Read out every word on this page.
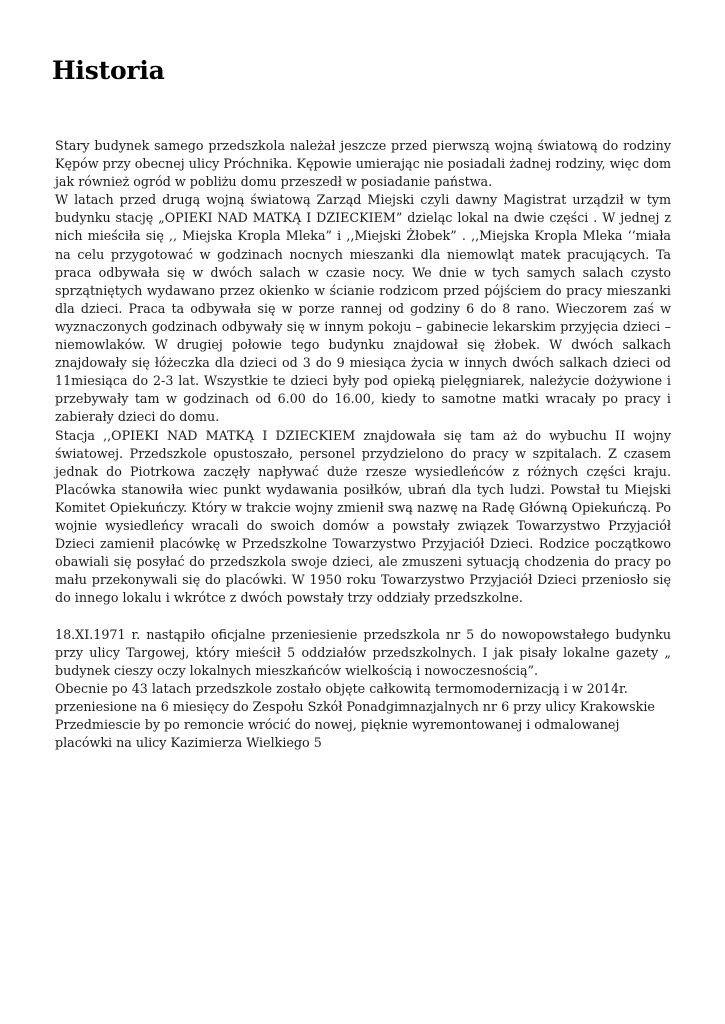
Historia

Stary budynek samego przedszkola należał jeszcze przed pierwszą wojną światową do rodziny Kępów przy obecnej ulicy Próchnika. Kępowie umierając nie posiadali żadnej rodziny, więc dom jak również ogród w pobliżu domu przeszedł w posiadanie państwa.

W latach przed drugą wojną światową Zarząd Miejski czyli dawny Magistrat urządził w tym budynku stację „OPIEKI NAD MATKĄ I DZIECKIEM” dzieląc lokal na dwie części . W jednej z nich mieściła się ,, Miejska Kropla Mleka” i ,,Miejski Żłobek” . ,,Miejska Kropla Mleka ‘‘miała na celu przygotować w godzinach nocnych mieszanki dla niemowląt matek pracujących. Ta praca odbywała się w dwóch salach w czasie nocy. We dnie w tych samych salach czysto sprzątniętych wydawano przez okienko w ścianie rodzicom przed pójściem do pracy mieszanki dla dzieci. Praca ta odbywała się w porze rannej od godziny 6 do 8 rano. Wieczorem zaś w wyznaczonych godzinach odbywały się w innym pokoju – gabinecie lekarskim przyjęcia dzieci – niemowlaków. W drugiej połowie tego budynku znajdował się żłobek. W dwóch salkach znajdowały się łóżeczka dla dzieci od 3 do 9 miesiąca życia w innych dwóch salkach dzieci od 11miesiąca do 2-3 lat. Wszystkie te dzieci były pod opieką pielęgniarek, należycie dożywione i przebywały tam w godzinach od 6.00 do 16.00, kiedy to samotne matki wracały po pracy i zabierały dzieci do domu.

Stacja ,,OPIEKI NAD MATKĄ I DZIECKIEM znajdowała się tam aż do wybuchu II wojny światowej. Przedszkole opustoszało, personel przydzielono do pracy w szpitalach. Z czasem jednak do Piotrkowa zaczęły napływać duże rzesze wysiedleńców z różnych części kraju. Placówka stanowiła wiec punkt wydawania posiłków, ubrań dla tych ludzi. Powstał tu Miejski Komitet Opiekuńczy. Który w trakcie wojny zmienił swą nazwę na Radę Główną Opiekuńczą. Po wojnie wysiedleńcy wracali do swoich domów a powstały związek Towarzystwo Przyjaciół Dzieci zamienił placówkę w Przedszkolne Towarzystwo Przyjaciół Dzieci. Rodzice początkowo obawiali się posyłać do przedszkola swoje dzieci, ale zmuszeni sytuacją chodzenia do pracy po mału przekonywali się do placówki. W 1950 roku Towarzystwo Przyjaciół Dzieci przeniosło się do innego lokalu i wkrótce z dwóch powstały trzy oddziały przedszkolne.

18.XI.1971 r. nastąpiło oficjalne przeniesienie przedszkola nr 5 do nowopowstałego budynku przy ulicy Targowej, który mieścił 5 oddziałów przedszkolnych. I jak pisały lokalne gazety „ budynek cieszy oczy lokalnych mieszkańców wielkością i nowoczesnością”.

Obecnie po 43 latach przedszkole zostało objęte całkowitą termomodernizacją i w 2014r. przeniesione na 6 miesięcy do Zespołu Szkół Ponadgimnazjalnych nr 6 przy ulicy Krakowskie Przedmiescie by po remoncie wrócić do nowej, pięknie wyremontowanej i odmalowanej placówki na ulicy Kazimierza Wielkiego 5
